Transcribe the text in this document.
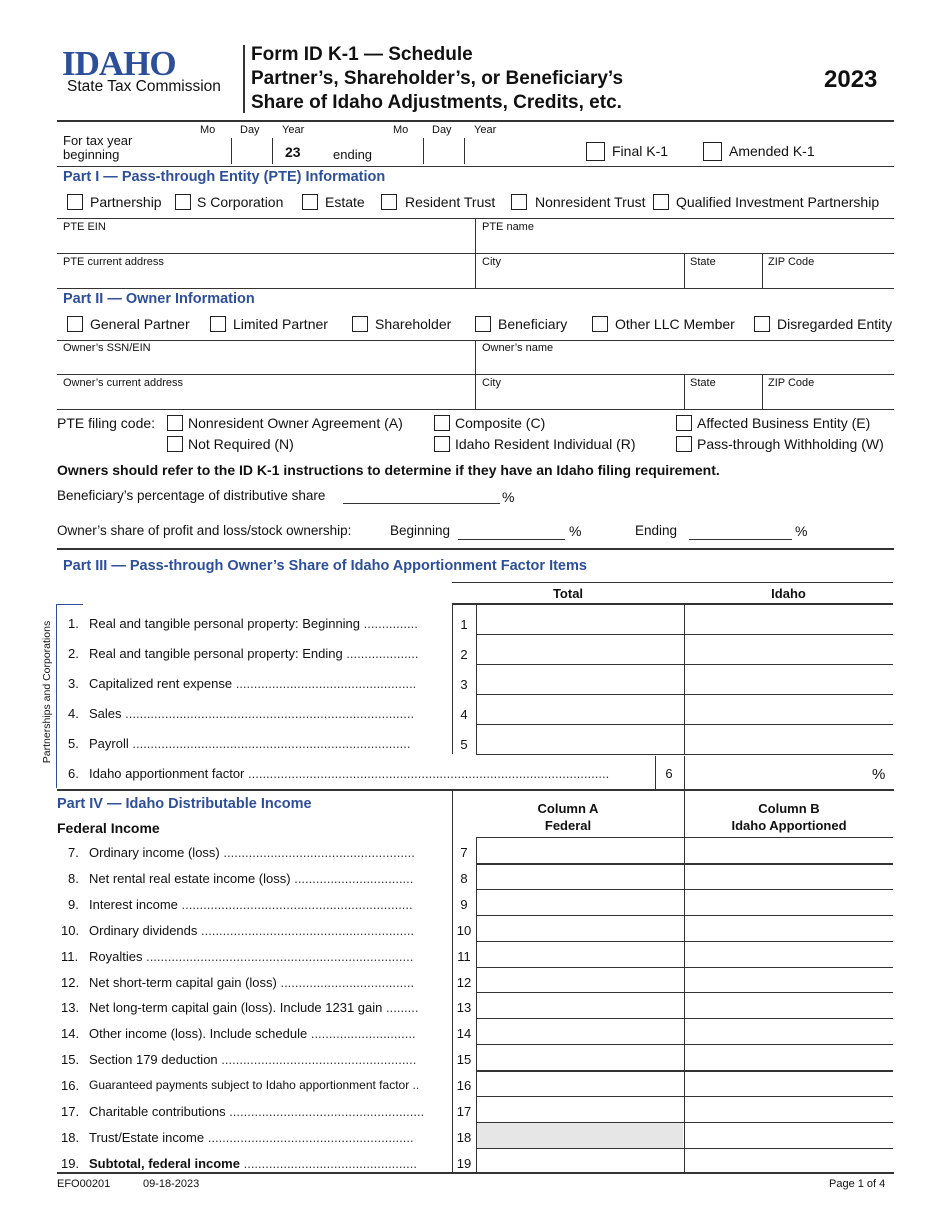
IDAHO
State Tax Commission
Form ID K-1 — Schedule
Partner’s, Shareholder’s, or Beneficiary’s
Share of Idaho Adjustments, Credits, etc.
2023
Mo Day Year	Mo Day Year
For tax year
beginning	23 ending	Final K-1	Amended K-1
Part I — Pass-through Entity (PTE) Information
Partnership	S Corporation	Estate	Resident Trust	Nonresident Trust Qualified Investment Partnership
PTE EIN	PTE name
PTE current address	City	State	ZIP Code
Part II — Owner Information
General Partner	Limited Partner	Shareholder	Beneficiary	Other LLC Member	Disregarded Entity
Owner’s SSN/EIN	Owner’s name
Owner’s current address	City	State	ZIP Code
PTE filing code: Nonresident Owner Agreement (A)
Not Required (N)
Composite (C)
Idaho Resident Individual (R)
Affected Business Entity (E)
Pass-through Withholding (W)
Owners should refer to the ID K-1 instructions to determine if they have an Idaho filing requirement.
Beneficiary’s percentage of distributive share	%
Owner’s share of profit and loss/stock ownership:	Beginning	%	Ending	%
Part III — Pass-through Owner’s Share of Idaho Apportionment Factor Items
Total	Idaho
Partnerships and Corporations 1. Real and tangible personal property: Beginning ...............	1
2. Real and tangible personal property: Ending ....................	2
3. Capitalized rent expense ..................................................	3
4. Sales ................................................................................	4
5. Payroll .............................................................................	5
6. Idaho apportionment factor ....................................................................................................	6	%
Part IV — Idaho Distributable Income
Federal Income
Column A
Federal
Column B
Idaho Apportioned
7. Ordinary income (loss) .....................................................	7
8. Net rental real estate income (loss) .................................	8
9. Interest income ................................................................	9
10. Ordinary dividends ...........................................................	10
11. Royalties ..........................................................................	11
12. Net short-term capital gain (loss) .....................................	12
13. Net long-term capital gain (loss). Include 1231 gain .........	13
14. Other income (loss). Include schedule .............................	14
15. Section 179 deduction ......................................................	15
16. Guaranteed payments subject to Idaho apportionment factor ..	16
17. Charitable contributions ......................................................	17
18. Trust/Estate income .........................................................	18
19. Subtotal, federal income ................................................	19
EFO00201	09-18-2023	Page 1 of 4
